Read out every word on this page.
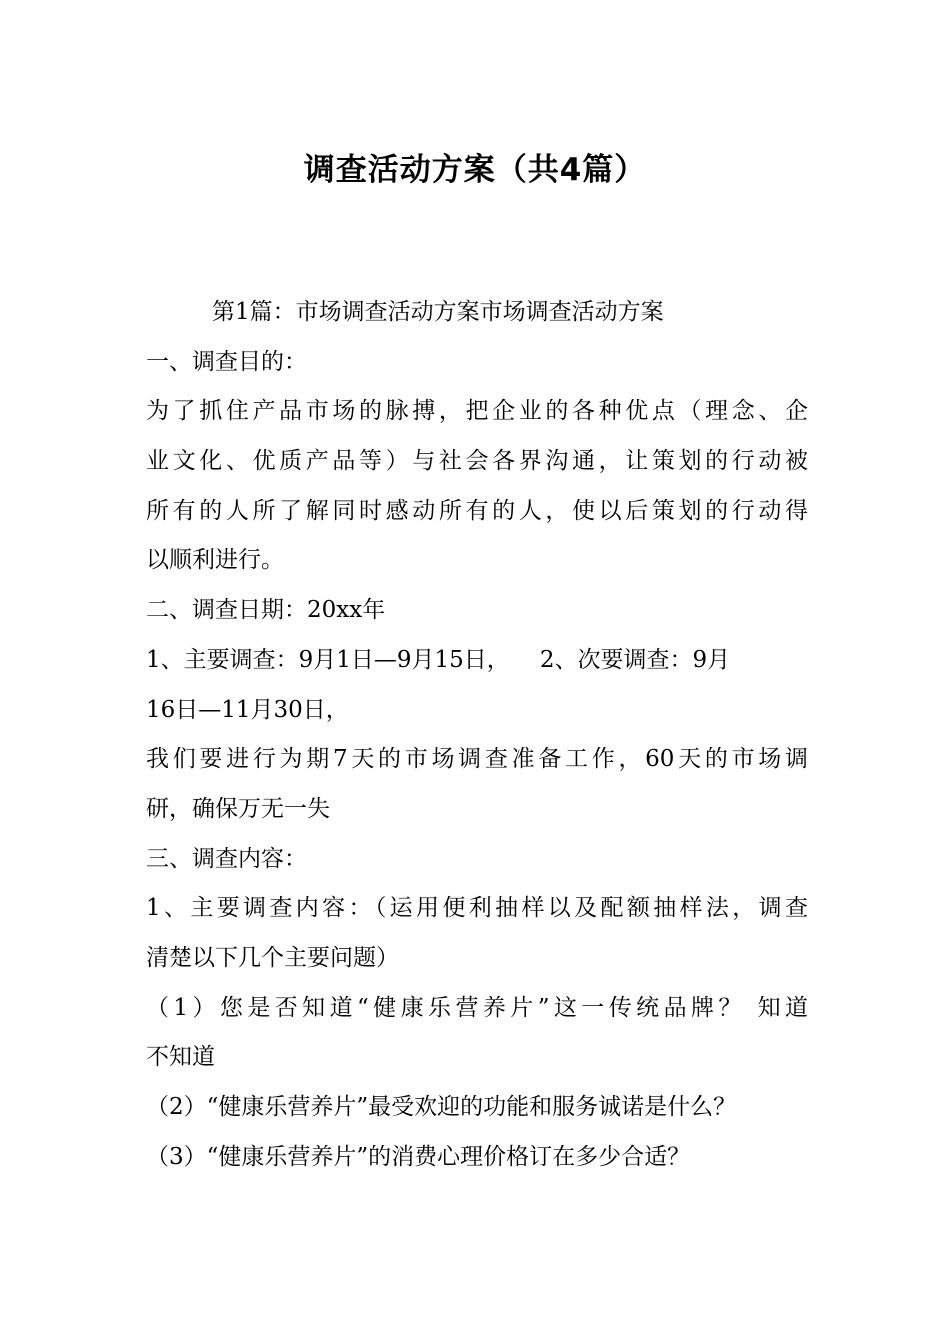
调查活动方案（共4篇）
第1篇：市场调查活动方案市场调查活动方案
一、调查目的：
为了抓住产品市场的脉搏，把企业的各种优点（理念、企
业文化、优质产品等）与社会各界沟通，让策划的行动被
所有的人所了解同时感动所有的人，使以后策划的行动得
以顺利进行。
二、调查日期：20xx年
1、主要调查：9月1日—9月15日， 2、次要调查：9月
16日—11月30日，
我们要进行为期7天的市场调查准备工作，60天的市场调
研，确保万无一失
三、调查内容：
1、主要调查内容：（运用便利抽样以及配额抽样法，调查
清楚以下几个主要问题）
（1）您是否知道“健康乐营养片”这一传统品牌？ 知道
不知道
（2）“健康乐营养片”最受欢迎的功能和服务诚诺是什么？
（3）“健康乐营养片”的消费心理价格订在多少合适？
